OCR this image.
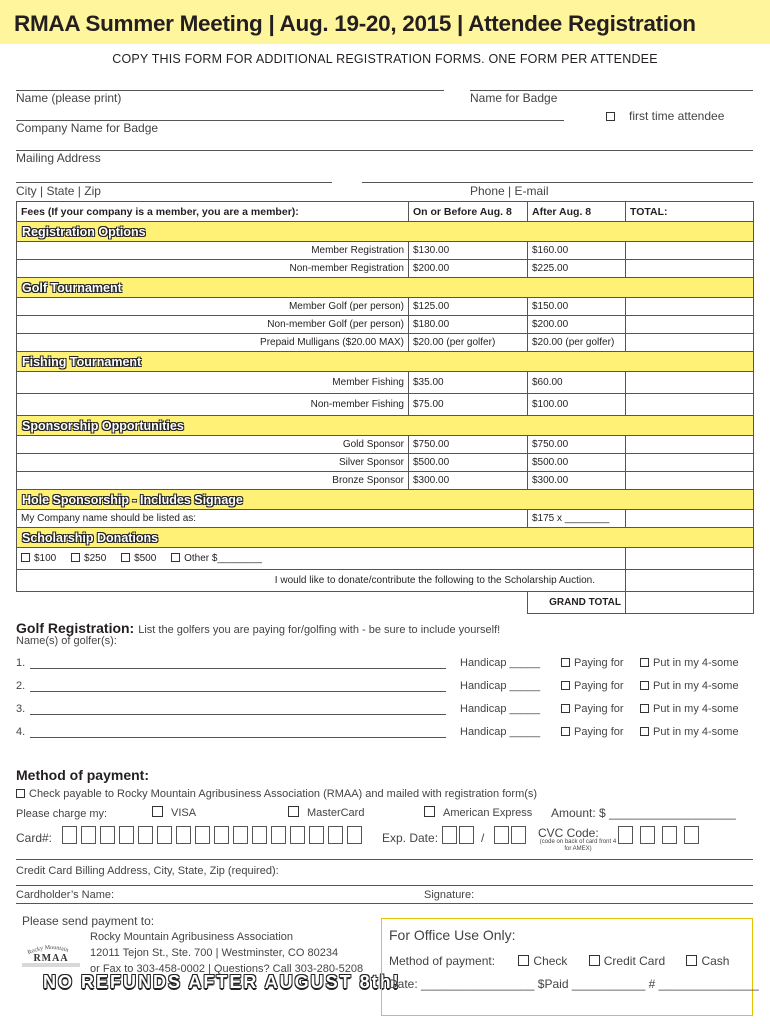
RMAA Summer Meeting | Aug. 19-20, 2015 | Attendee Registration
COPY THIS FORM FOR ADDITIONAL REGISTRATION FORMS. ONE FORM PER ATTENDEE
Name (please print)	Name for Badge
first time attendee
Company Name for Badge
Mailing Address
City | State | Zip	Phone | E-mail
Fees (If your company is a member, you are a member):	On or Before Aug. 8	After Aug. 8	TOTAL:
Registration Options			
Member Registration	$130.00	$160.00	
Non-member Registration	$200.00	$225.00	
Golf Tournament			
Member Golf (per person)	$125.00	$150.00	
Non-member Golf (per person)	$180.00	$200.00	
Prepaid Mulligans ($20.00 MAX)	$20.00 (per golfer)	$20.00 (per golfer)	
Fishing Tournament			
Member Fishing	$35.00	$60.00	
Non-member Fishing	$75.00	$100.00	
Sponsorship Opportunities			
Gold Sponsor	$750.00	$750.00	
Silver Sponsor	$500.00	$500.00	
Bronze Sponsor	$300.00	$300.00	
Hole Sponsorship - Includes Signage			
My Company name should be listed as:		$175 x ________	
Scholarship Donations			
$100 $250 $500 Other $________			
I would like to donate/contribute the following to the Scholarship Auction.			
		GRAND TOTAL	
Golf Registration: List the golfers you are paying for/golfing with - be sure to include yourself!
Name(s) of golfer(s):
1.	Handicap _____	Paying for	Put in my 4-some
2.	Handicap _____	Paying for	Put in my 4-some
3.	Handicap _____	Paying for	Put in my 4-some
4.	Handicap _____	Paying for	Put in my 4-some
Method of payment:
Check payable to Rocky Mountain Agribusiness Association (RMAA) and mailed with registration form(s)
Please charge my:	VISA	MasterCard	American Express Amount: $ ___________________
Card#:	Exp. Date:	/	CVC Code:
(code on back of card front 4 for AMEX)
Credit Card Billing Address, City, State, Zip (required):
Cardholder’s Name:	Signature:
Please send payment to:
Rocky Mountain
RMAA
Rocky Mountain Agribusiness Association
12011 Tejon St., Ste. 700 | Westminster, CO 80234
or Fax to 303-458-0002 | Questions? Call 303-280-5208
NO REFUNDS AFTER AUGUST 8th!
For Office Use Only:
Method of payment:	Check	Credit Card	Cash
Date: _________________ $Paid ___________ # _______________
